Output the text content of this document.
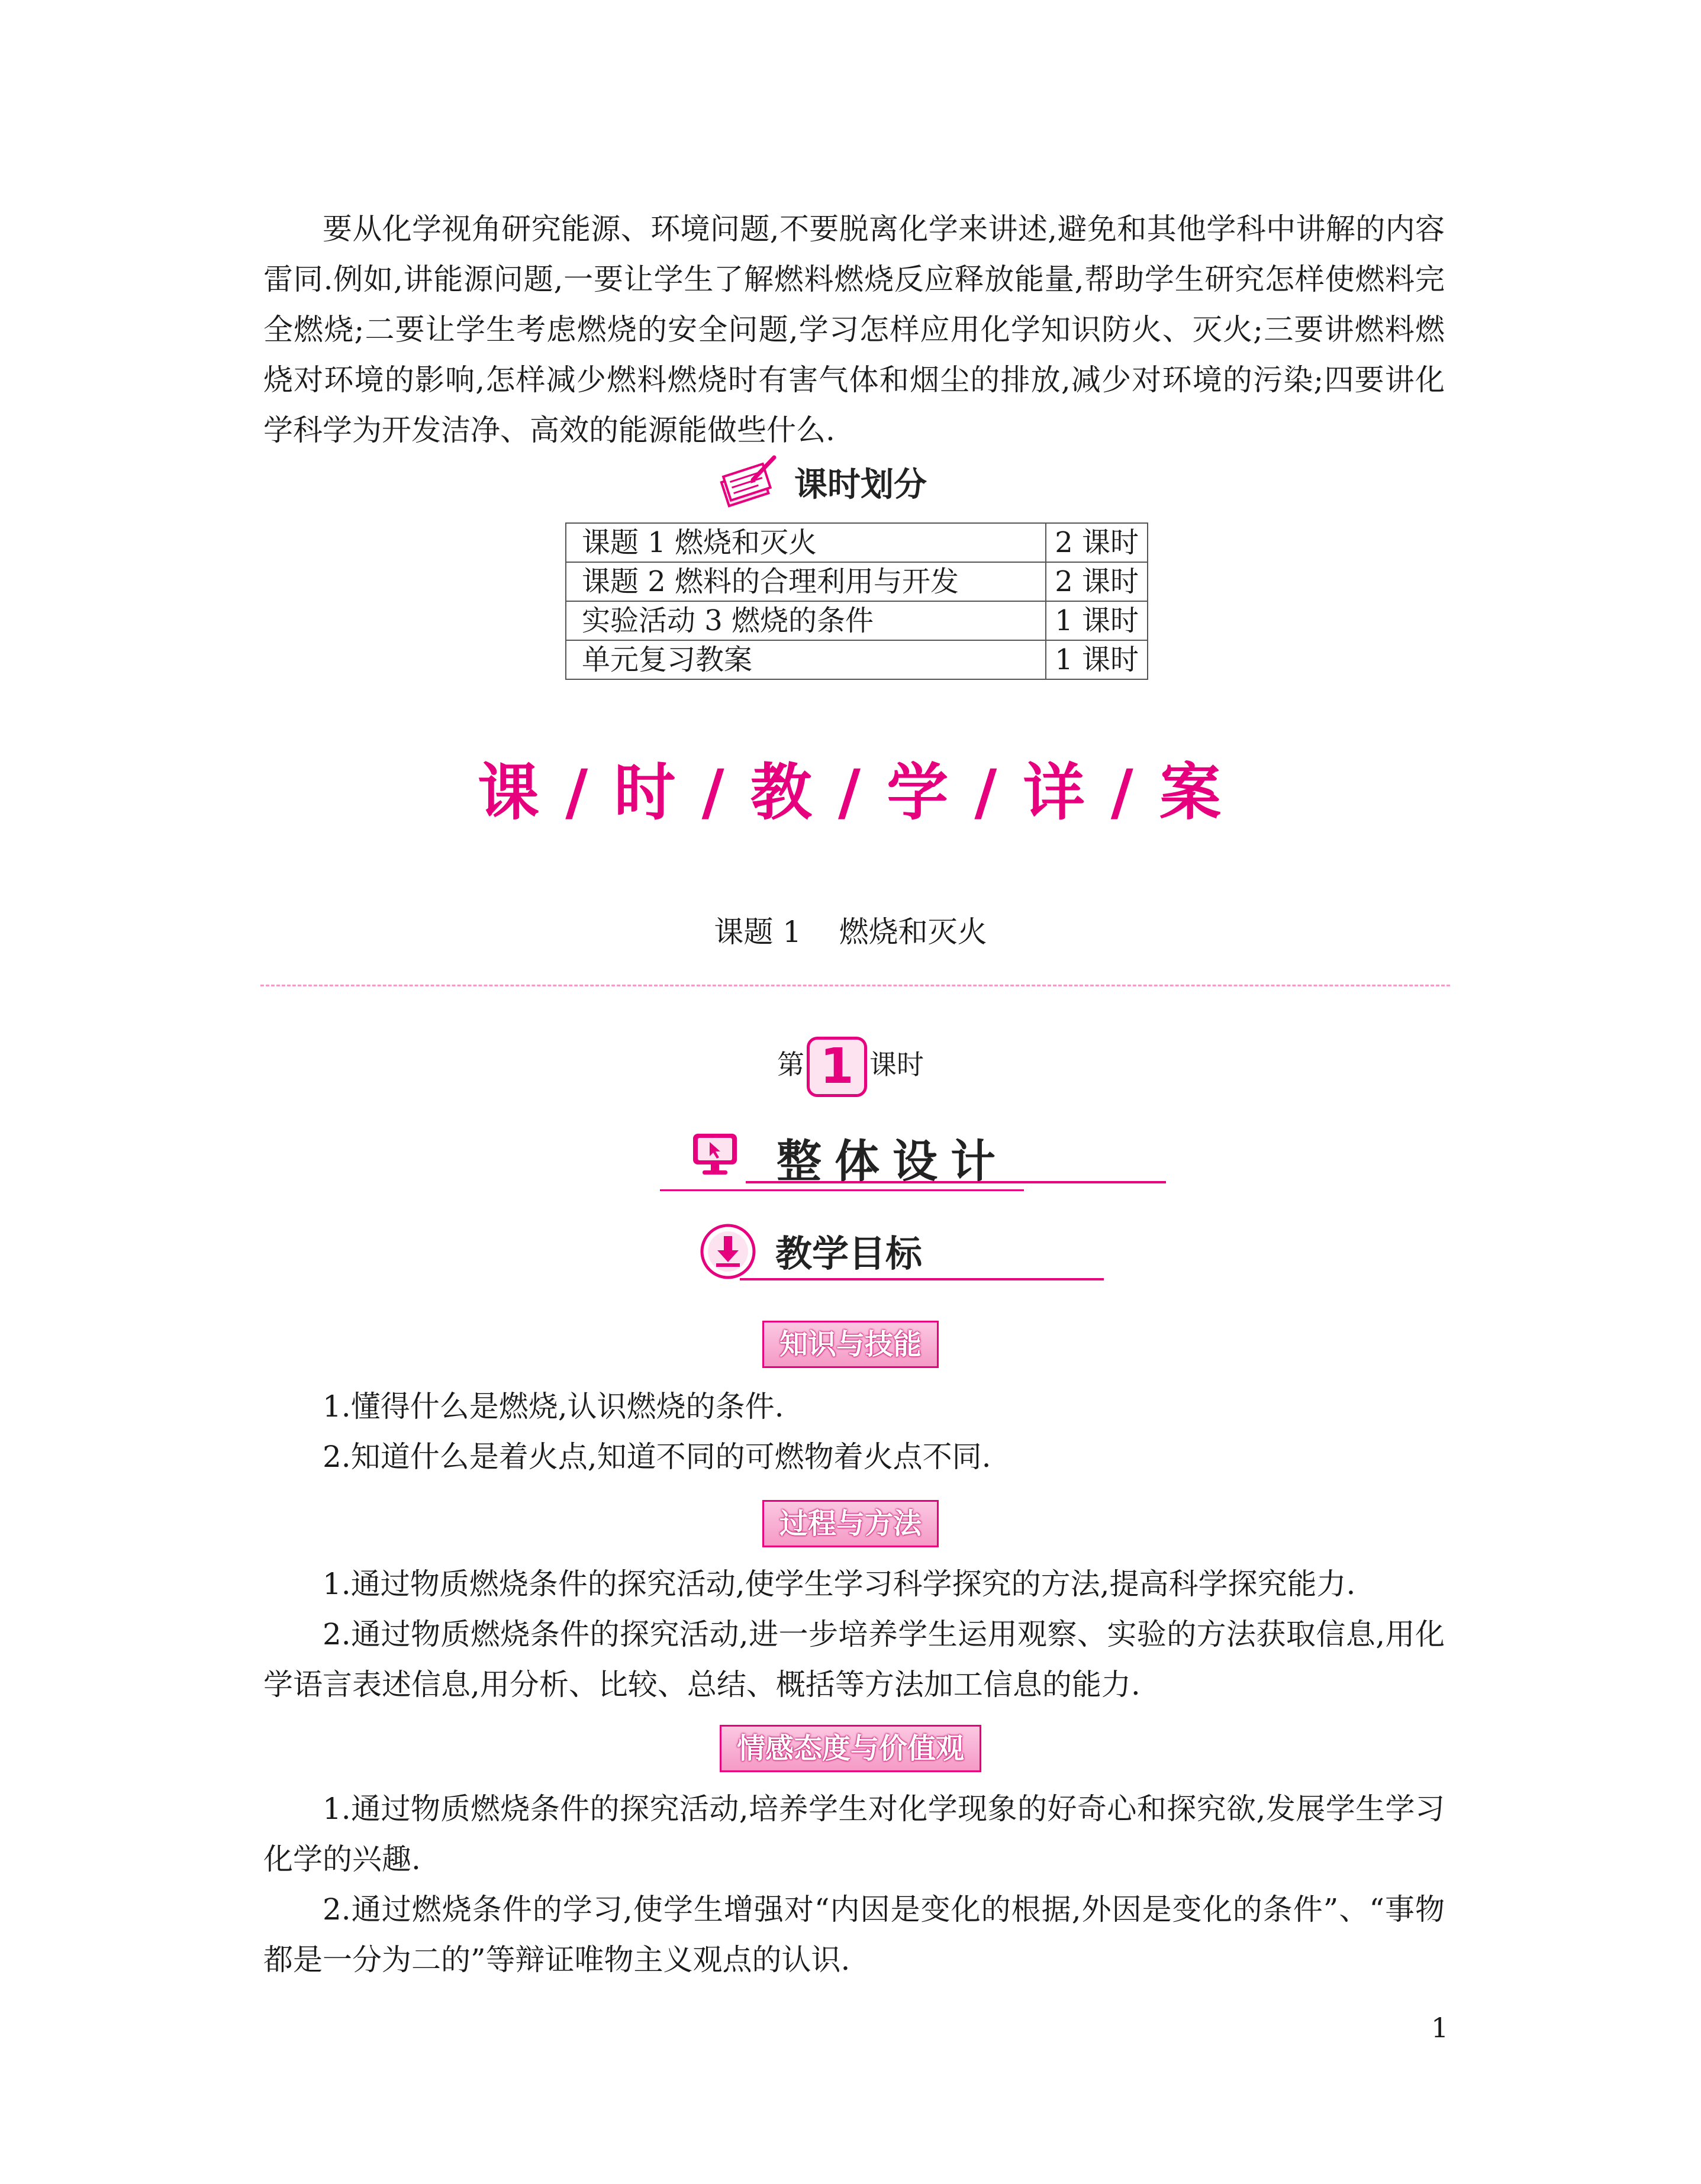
要从化学视角研究能源、环境问题,不要脱离化学来讲述,避免和其他学科中讲解的内容雷同.例如,讲能源问题,一要让学生了解燃料燃烧反应释放能量,帮助学生研究怎样使燃料完全燃烧;二要让学生考虑燃烧的安全问题,学习怎样应用化学知识防火、灭火;三要讲燃料燃烧对环境的影响,怎样减少燃料燃烧时有害气体和烟尘的排放,减少对环境的污染;四要讲化学科学为开发洁净、高效的能源能做些什么.
课时划分
课题 1 燃烧和灭火	2 课时
课题 2 燃料的合理利用与开发	2 课时
实验活动 3 燃烧的条件	1 课时
单元复习教案	1 课时
课 / 时 / 教 / 学 / 详 / 案
课题 1    燃烧和灭火
第 1 课时
整体设计
教学目标
知识与技能
1.懂得什么是燃烧,认识燃烧的条件.
2.知道什么是着火点,知道不同的可燃物着火点不同.
过程与方法
1.通过物质燃烧条件的探究活动,使学生学习科学探究的方法,提高科学探究能力.
2.通过物质燃烧条件的探究活动,进一步培养学生运用观察、实验的方法获取信息,用化学语言表述信息,用分析、比较、总结、概括等方法加工信息的能力.
情感态度与价值观
1.通过物质燃烧条件的探究活动,培养学生对化学现象的好奇心和探究欲,发展学生学习化学的兴趣.
2.通过燃烧条件的学习,使学生增强对“内因是变化的根据,外因是变化的条件”、“事物都是一分为二的”等辩证唯物主义观点的认识.
1
